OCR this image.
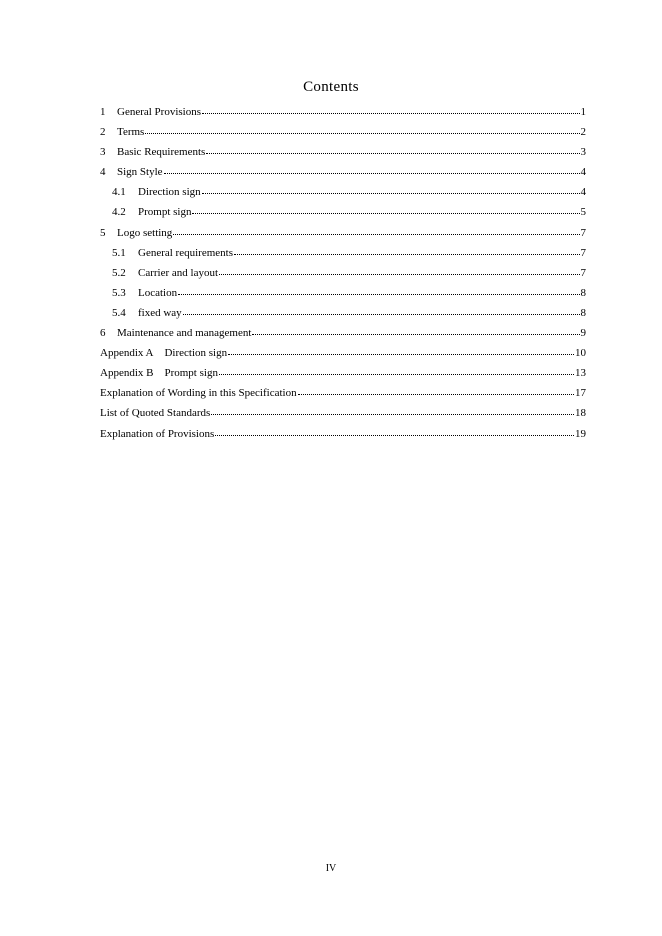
Contents
1	General Provisions	1
2	Terms	2
3	Basic Requirements	3
4	Sign Style	4
4.1	Direction sign	4
4.2	Prompt sign	5
5	Logo setting	7
5.1	General requirements	7
5.2	Carrier and layout	7
5.3	Location	8
5.4	fixed way	8
6	Maintenance and management	9
Appendix A Direction sign	10
Appendix B Prompt sign	13
Explanation of Wording in this Specification	17
List of Quoted Standards	18
Explanation of Provisions	19
IV
